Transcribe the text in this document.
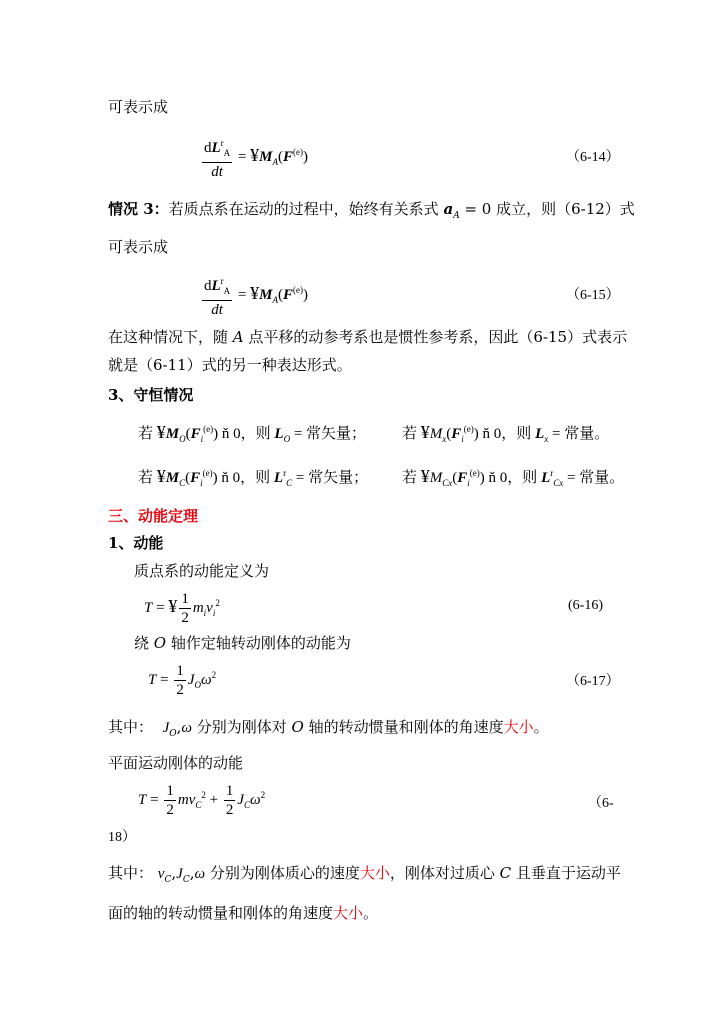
可表示成
$\frac{dL^r_A}{dt}$ = $¥M_A(F^{(e)})$	（6-14）
情况 3：若质点系在运动的过程中，始终有关系式 $a_A = 0$ 成立，则（6-12）式
可表示成
$\frac{dL^r_A}{dt}$ = $¥M_A(F^{(e)})$	（6-15）
在这种情况下，随 A 点平移的动参考系也是惯性参考系，因此（6-15）式表示
就是（6-11）式的另一种表达形式。
3、守恒情况
若 $¥M_O(F_i^{(e)})$ ň 0，则 $L_O$ = 常矢量； 若 $¥M_x(F_i^{(e)})$ ň 0，则 $L_x$ = 常量。
若 $¥M_C(F_i^{(e)})$ ň 0，则 $L^r_C$ = 常矢量； 若 $¥M_{Cx}(F_i^{(e)})$ ň 0，则 $L^r_{Cx}$ = 常量。
三、动能定理
1、动能
质点系的动能定义为
T = ¥ $\frac{1}{2} m_iv_i^2$	(6-16)
绕 O 轴作定轴转动刚体的动能为
$T = \frac{1}{2} J_O\omega^2$	（6-17）
其中： $J_O,\omega$ 分别为刚体对 O 轴的转动惯量和刚体的角速度大小。
平面运动刚体的动能
$T = \frac{1}{2} mv_C^2 + \frac{1}{2} J_C\omega^2$
（6-
18）
其中： $v_C,J_C,\omega$ 分别为刚体质心的速度大小，刚体对过质心 C 且垂直于运动平
面的轴的转动惯量和刚体的角速度大小。
